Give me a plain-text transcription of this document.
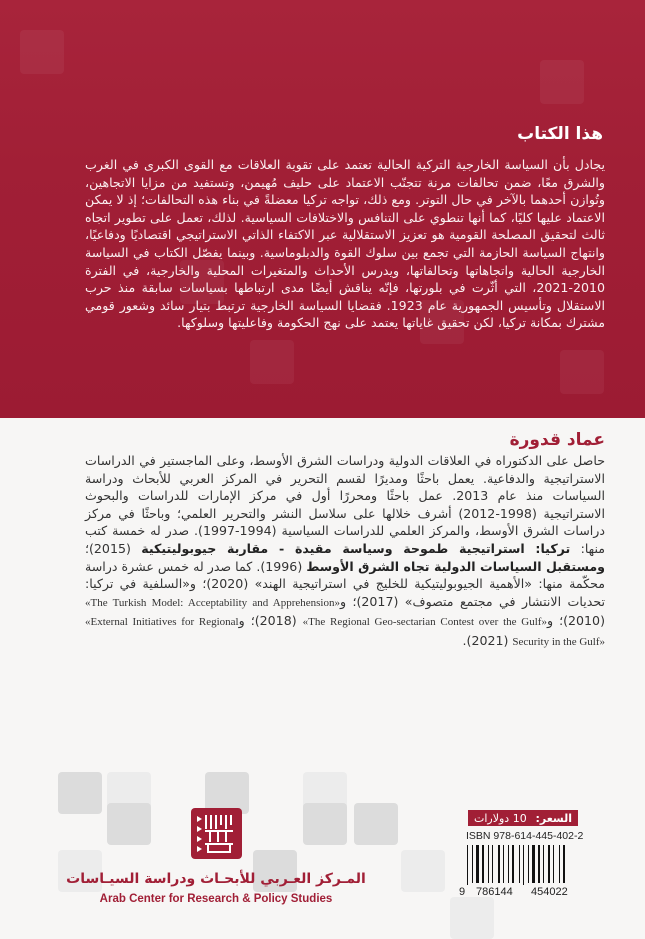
هذا الكتاب
يجادل بأن السياسة الخارجية التركية الحالية تعتمد على تقوية العلاقات مع القوى الكبرى في الغرب والشرق معًا، ضمن تحالفات مرنة تتجنّب الاعتماد على حليف مُهيمن، وتستفيد من مزايا الاتجاهين، وتُوازن أحدهما بالآخر في حال التوتر. ومع ذلك، تواجه تركيا معضلةً في بناء هذه التحالفات؛ إذ لا يمكن الاعتماد عليها كليًا، كما أنها تنطوي على التنافس والاختلافات السياسية. لذلك، تعمل على تطوير اتجاه ثالث لتحقيق المصلحة القومية هو تعزيز الاستقلالية عبر الاكتفاء الذاتي الاستراتيجي اقتصاديًا ودفاعيًا، وانتهاج السياسة الحازمة التي تجمع بين سلوك القوة والدبلوماسية. وبينما يفصّل الكتاب في السياسة الخارجية الحالية واتجاهاتها وتحالفاتها، ويدرس الأحداث والمتغيرات المحلية والخارجية، في الفترة 2010-2021، التي أثّرت في بلورتها، فإنّه يناقش أيضًا مدى ارتباطها بسياسات سابقة منذ حرب الاستقلال وتأسيس الجمهورية عام 1923. فقضايا السياسة الخارجية ترتبط بتيار سائد وشعور قومي مشترك بمكانة تركيا، لكن تحقيق غاياتها يعتمد على نهج الحكومة وفاعليتها وسلوكها.
عماد قدورة
حاصل على الدكتوراه في العلاقات الدولية ودراسات الشرق الأوسط، وعلى الماجستير في الدراسات الاستراتيجية والدفاعية. يعمل باحثًا ومديرًا لقسم التحرير في المركز العربي للأبحاث ودراسة السياسات منذ عام 2013. عمل باحثًا ومحررًا أول في مركز الإمارات للدراسات والبحوث الاستراتيجية (1998-2012) أشرف خلالها على سلاسل النشر والتحرير العلمي؛ وباحثًا في مركز دراسات الشرق الأوسط، والمركز العلمي للدراسات السياسية (1994-1997). صدر له خمسة كتب منها: تركيا: استراتيجية طموحة وسياسة مقيدة - مقاربة جيوبوليتيكية (2015)؛ ومستقبل السياسات الدولية تجاه الشرق الأوسط (1996). كما صدر له خمس عشرة دراسة محكّمة منها: «الأهمية الجيوبوليتيكية للخليج في استراتيجية الهند» (2020)؛ و«السلفية في تركيا: تحديات الانتشار في مجتمع متصوف» (2017)؛ و«The Turkish Model: Acceptability and Apprehension» (2010)؛ و«The Regional Geo-sectarian Contest over the Gulf» (2018)؛ و«External Initiatives for Regional Security in the Gulf» (2021).
المـركز العـربي للأبحـاث ودراسة السيـاسات
Arab Center for Research & Policy Studies
السعر:
10 دولارات
ISBN 978-614-445-402-2
9 786144 454022
